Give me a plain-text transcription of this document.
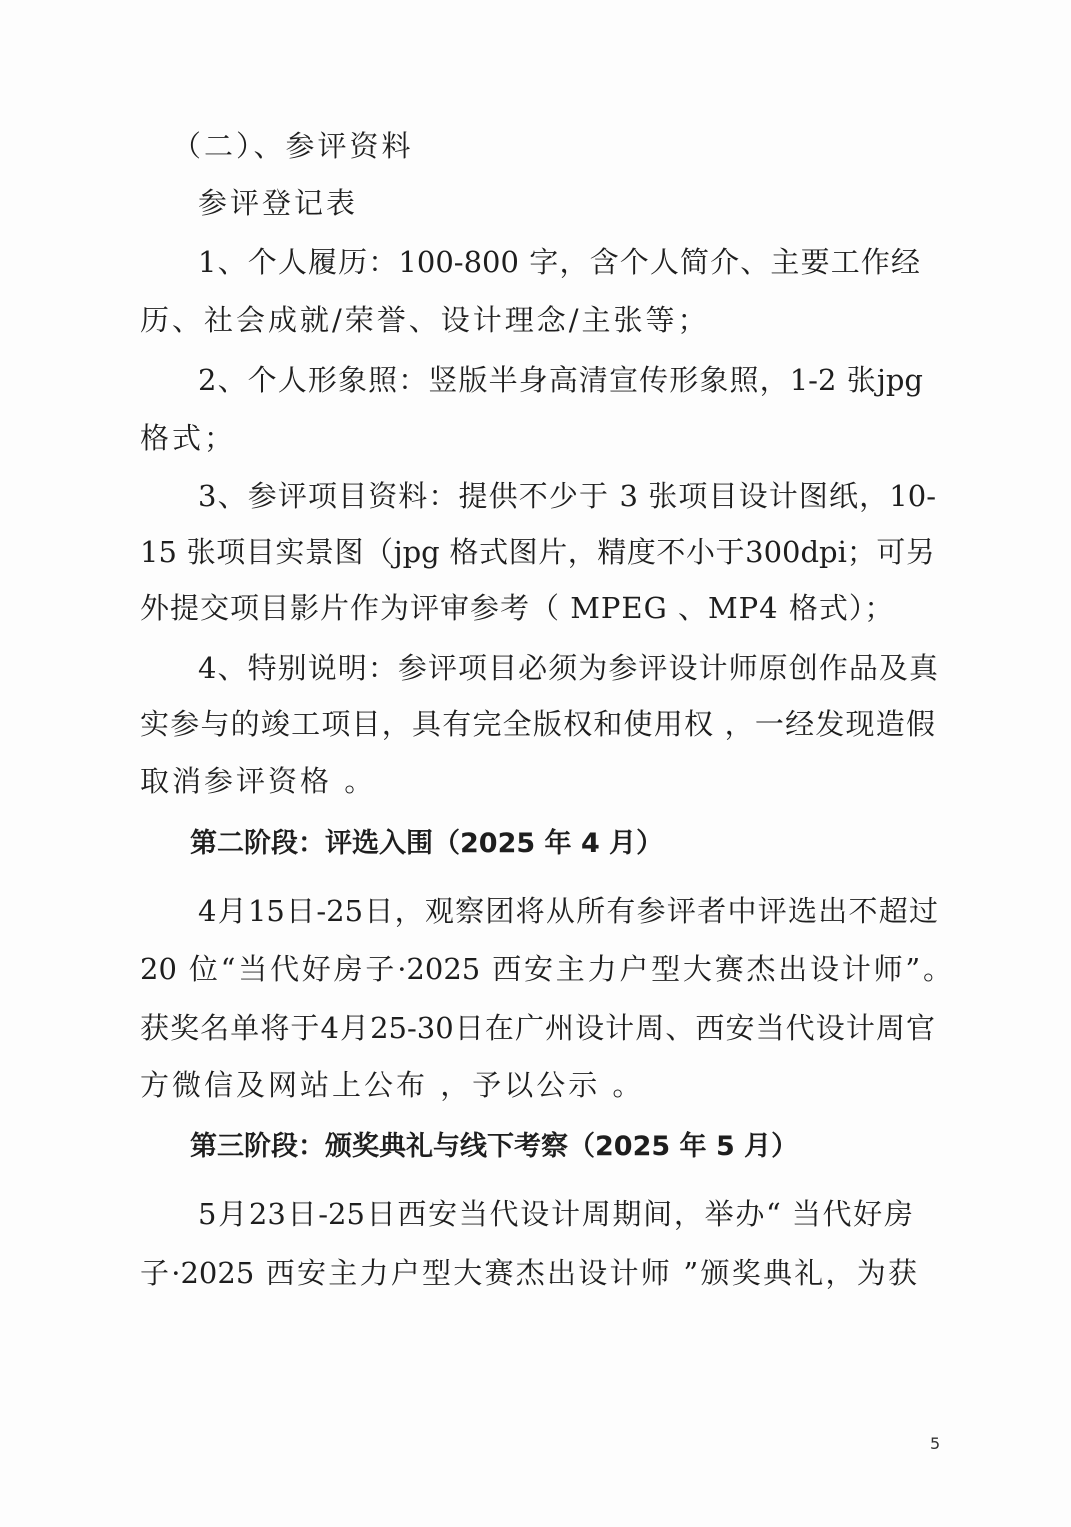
（二）、参评资料
参评登记表
1、个人履历：100-800 字，含个人简介、主要工作经
历、社会成就/荣誉、设计理念/主张等；
2、个人形象照：竖版半身高清宣传形象照，1-2 张jpg
格式；
3、参评项目资料：提供不少于 3 张项目设计图纸，10-
15 张项目实景图（jpg 格式图片，精度不小于300dpi；可另
外提交项目影片作为评审参考（ MPEG 、MP4 格式）；
4、特别说明：参评项目必须为参评设计师原创作品及真
实参与的竣工项目，具有完全版权和使用权 ，一经发现造假
取消参评资格 。
第二阶段：评选入围（2025 年 4 月）
4月15日-25日，观察团将从所有参评者中评选出不超过
20 位“当代好房子·2025 西安主力户型大赛杰出设计师”。
获奖名单将于4月25-30日在广州设计周、西安当代设计周官
方微信及网站上公布 ，予以公示 。
第三阶段：颁奖典礼与线下考察（2025 年 5 月）
5月23日-25日西安当代设计周期间，举办“ 当代好房
子·2025 西安主力户型大赛杰出设计师 ”颁奖典礼，为获
5
